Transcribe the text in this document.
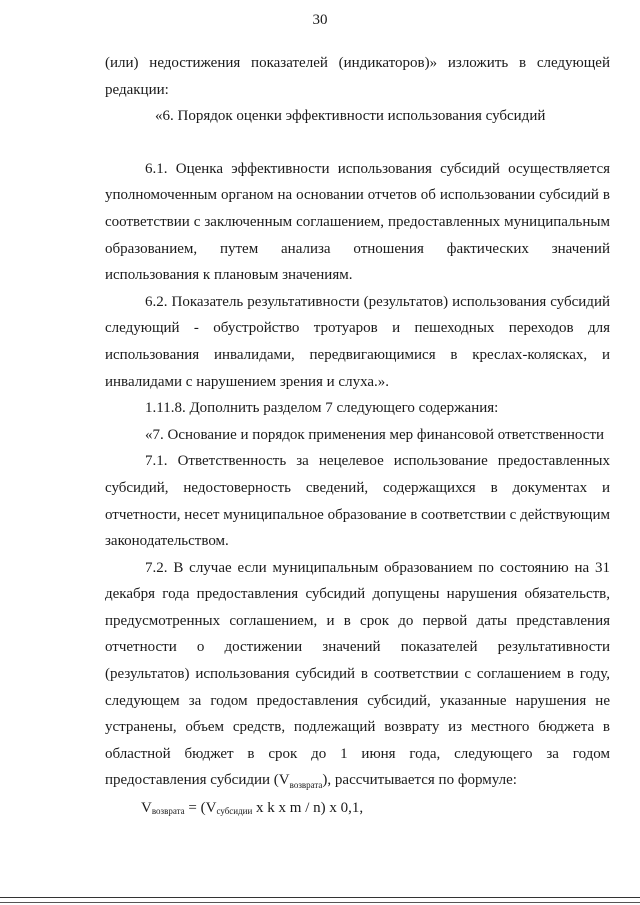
30

(или) недостижения показателей (индикаторов)» изложить в следующей редакции:

«6. Порядок оценки эффективности использования субсидий

6.1. Оценка эффективности использования субсидий осуществляется уполномоченным органом на основании отчетов об использовании субсидий в соответствии с заключенным соглашением, предоставленных муниципальным образованием, путем анализа отношения фактических значений использования к плановым значениям.

6.2. Показатель результативности (результатов) использования субсидий следующий - обустройство тротуаров и пешеходных переходов для использования инвалидами, передвигающимися в креслах-колясках, и инвалидами с нарушением зрения и слуха.».

1.11.8. Дополнить разделом 7 следующего содержания:

«7. Основание и порядок применения мер финансовой ответственности

7.1. Ответственность за нецелевое использование предоставленных субсидий, недостоверность сведений, содержащихся в документах и отчетности, несет муниципальное образование в соответствии с действующим законодательством.

7.2. В случае если муниципальным образованием по состоянию на 31 декабря года предоставления субсидий допущены нарушения обязательств, предусмотренных соглашением, и в срок до первой даты представления отчетности о достижении значений показателей результативности (результатов) использования субсидий в соответствии с соглашением в году, следующем за годом предоставления субсидий, указанные нарушения не устранены, объем средств, подлежащий возврату из местного бюджета в областной бюджет в срок до 1 июня года, следующего за годом предоставления субсидии $(V_{возврата})$, рассчитывается по формуле:

$V_{возврата} = (V_{субсидии}$ x k x m / n) x 0,1,
